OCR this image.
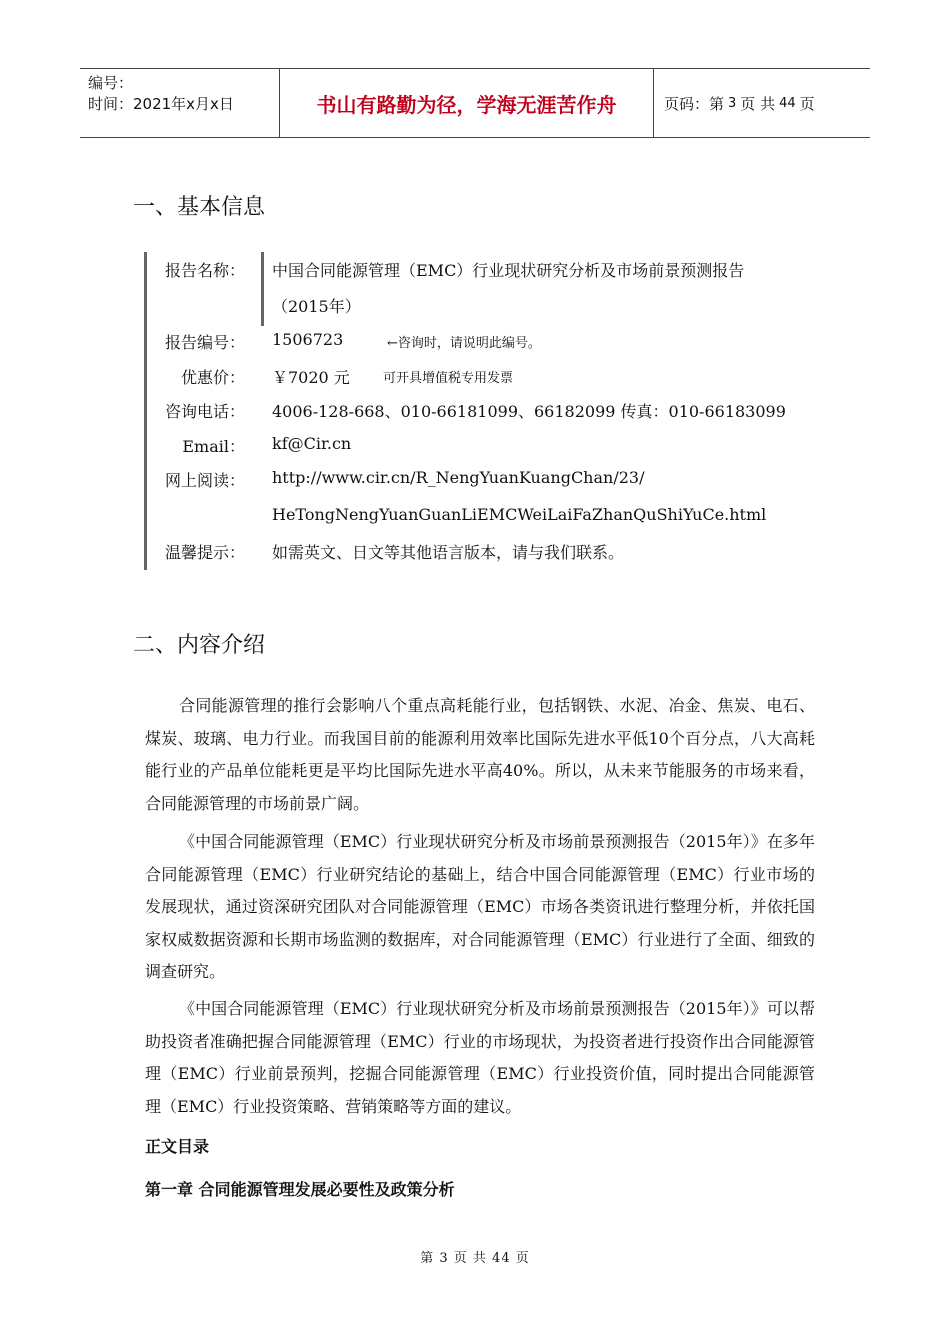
编号：
时间：2021年x月x日	书山有路勤为径，学海无涯苦作舟	页码：第 3 页 共 44 页
一、基本信息
报告名称： 中国合同能源管理（EMC）行业现状研究分析及市场前景预测报告
（2015年）
报告编号： 1506723	←咨询时，请说明此编号。
优惠价： ￥7020 元	可开具增值税专用发票
咨询电话： 4006-128-668、010-66181099、66182099 传真：010-66183099
Email： kf@Cir.cn
网上阅读： http://www.cir.cn/R_NengYuanKuangChan/23/
HeTongNengYuanGuanLiEMCWeiLaiFaZhanQuShiYuCe.html
温馨提示： 如需英文、日文等其他语言版本，请与我们联系。
二、内容介绍
合同能源管理的推行会影响八个重点高耗能行业，包括钢铁、水泥、冶金、焦炭、电石、煤炭、玻璃、电力行业。而我国目前的能源利用效率比国际先进水平低10个百分点，八大高耗能行业的产品单位能耗更是平均比国际先进水平高40%。所以，从未来节能服务的市场来看，合同能源管理的市场前景广阔。
《中国合同能源管理（EMC）行业现状研究分析及市场前景预测报告（2015年）》在多年合同能源管理（EMC）行业研究结论的基础上，结合中国合同能源管理（EMC）行业市场的发展现状，通过资深研究团队对合同能源管理（EMC）市场各类资讯进行整理分析，并依托国家权威数据资源和长期市场监测的数据库，对合同能源管理（EMC）行业进行了全面、细致的调查研究。
《中国合同能源管理（EMC）行业现状研究分析及市场前景预测报告（2015年）》可以帮助投资者准确把握合同能源管理（EMC）行业的市场现状，为投资者进行投资作出合同能源管理（EMC）行业前景预判，挖掘合同能源管理（EMC）行业投资价值，同时提出合同能源管理（EMC）行业投资策略、营销策略等方面的建议。
正文目录
第一章 合同能源管理发展必要性及政策分析
第 3 页 共 44 页
